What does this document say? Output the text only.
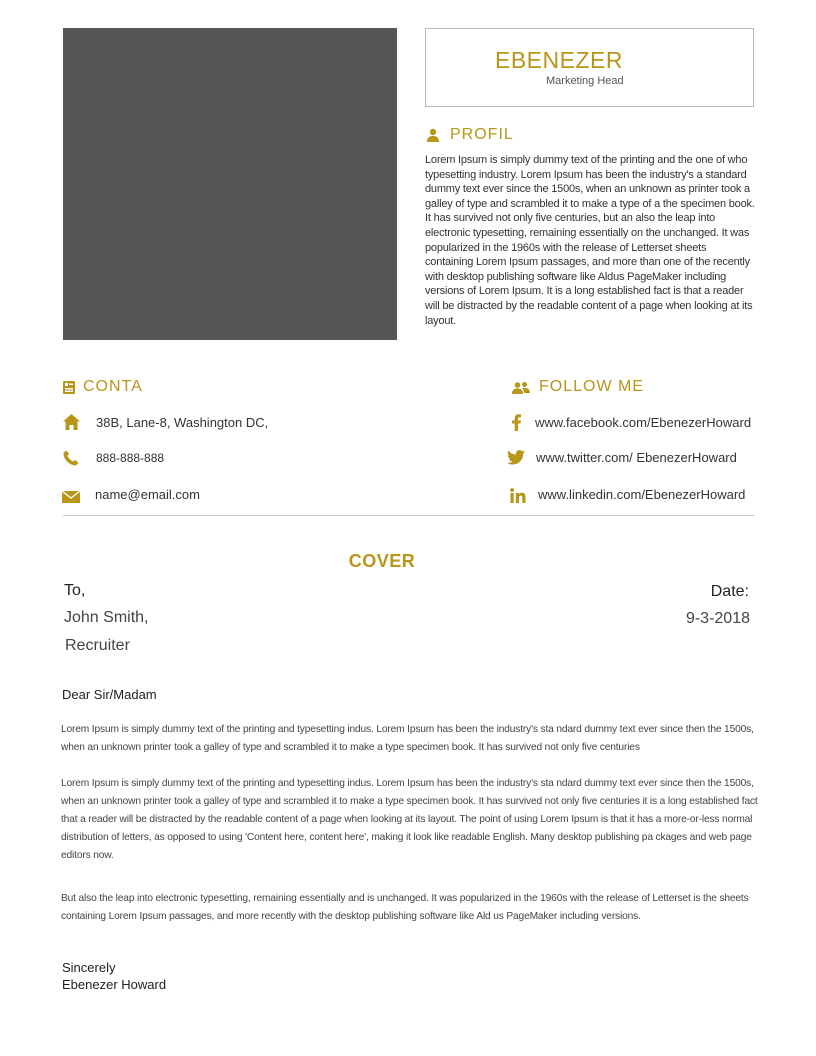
EBENEZER
Marketing Head
PROFIL
Lorem Ipsum is simply dummy text of the printing and the one of who typesetting industry. Lorem Ipsum has been the industry's a standard dummy text ever since the 1500s, when an unknown as printer took a galley of type and scrambled it to make a type of a the specimen book. It has survived not only five centuries, but an also the leap into electronic typesetting, remaining essentially on the unchanged. It was popularized in the 1960s with the release of Letterset sheets containing Lorem Ipsum passages, and more than one of the recently with desktop publishing software like Aldus PageMaker including versions of Lorem Ipsum. It is a long established fact is that a reader will be distracted by the readable content of a page when looking at its layout.
CONTA
38B, Lane-8, Washington DC,
888-888-888
name@email.com
FOLLOW ME
www.facebook.com/EbenezerHoward
www.twitter.com/ EbenezerHoward
www.linkedin.com/EbenezerHoward
COVER
To,
John Smith,
Recruiter
Date:
9-3-2018
Dear Sir/Madam
Lorem Ipsum is simply dummy text of the printing and typesetting indus. Lorem Ipsum has been the industry's sta ndard dummy text ever since then the 1500s, when an unknown printer took a galley of type and scrambled it to make a type specimen book. It has survived not only five centuries
Lorem Ipsum is simply dummy text of the printing and typesetting indus. Lorem Ipsum has been the industry's sta ndard dummy text ever since then the 1500s, when an unknown printer took a galley of type and scrambled it to make a type specimen book. It has survived not only five centuries it is a long established fact that a reader will be distracted by the readable content of a page when looking at its layout. The point of using Lorem Ipsum is that it has a more-or-less normal distribution of letters, as opposed to using 'Content here, content here', making it look like readable English. Many desktop publishing pa ckages and web page editors now.
But also the leap into electronic typesetting, remaining essentially and is unchanged. It was popularized in the 1960s with the release of Letterset is the sheets containing Lorem Ipsum passages, and more recently with the desktop publishing software like Ald us PageMaker including versions.
Sincerely
Ebenezer Howard
